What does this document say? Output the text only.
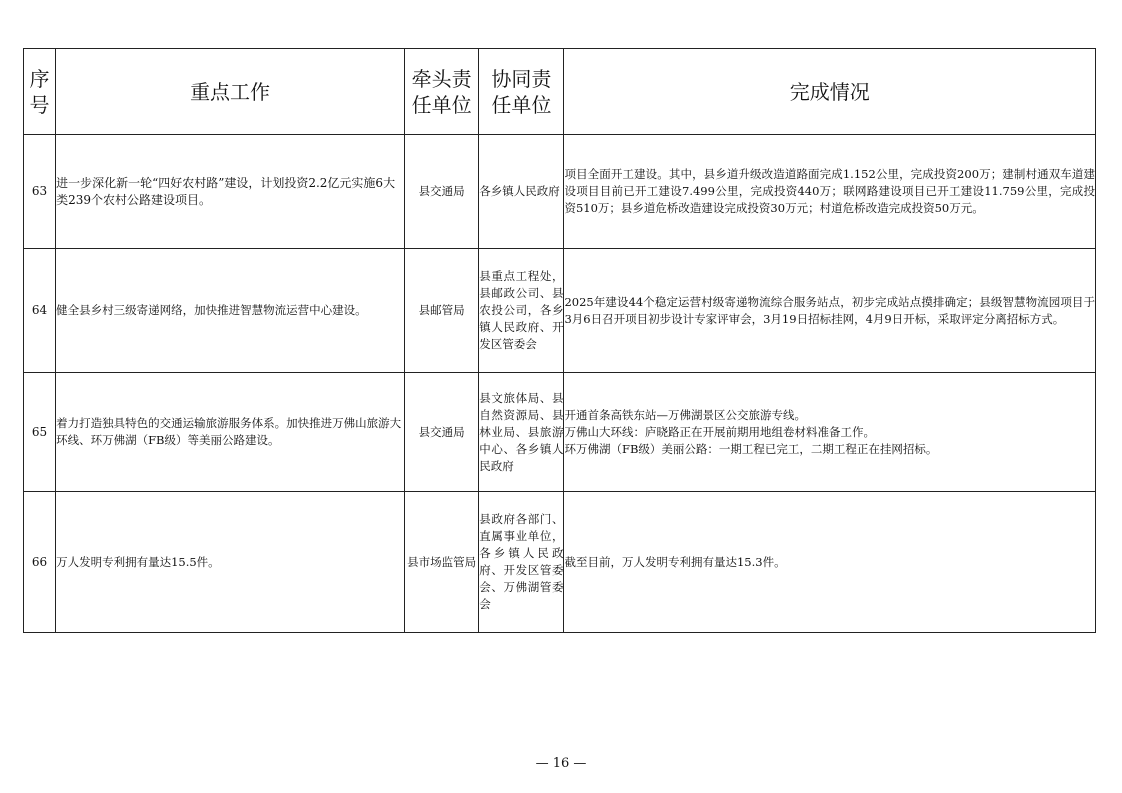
序号	重点工作	牵头责任单位	协同责任单位	完成情况
63	进一步深化新一轮“四好农村路”建设，计划投资2.2亿元实施6大类239个农村公路建设项目。	县交通局	各乡镇人民政府	项目全面开工建设。其中，县乡道升级改造道路面完成1.152公里，完成投资200万；建制村通双车道建设项目目前已开工建设7.499公里，完成投资440万；联网路建设项目已开工建设11.759公里，完成投资510万；县乡道危桥改造建设完成投资30万元；村道危桥改造完成投资50万元。
64	健全县乡村三级寄递网络，加快推进智慧物流运营中心建设。	县邮管局	县重点工程处，县邮政公司、县农投公司，各乡镇人民政府、开发区管委会	2025年建设44个稳定运营村级寄递物流综合服务站点，初步完成站点摸排确定；县级智慧物流园项目于3月6日召开项目初步设计专家评审会，3月19日招标挂网，4月9日开标，采取评定分离招标方式。
65	着力打造独具特色的交通运输旅游服务体系。加快推进万佛山旅游大环线、环万佛湖（FB级）等美丽公路建设。	县交通局	县文旅体局、县自然资源局、县林业局、县旅游中心、各乡镇人民政府	开通首条高铁东站—万佛湖景区公交旅游专线。
万佛山大环线：庐晓路正在开展前期用地组卷材料准备工作。
环万佛湖（FB级）美丽公路：一期工程已完工，二期工程正在挂网招标。

66	万人发明专利拥有量达15.5件。	县市场监管局	县政府各部门、直属事业单位，各乡镇人民政府、开发区管委会、万佛湖管委会	截至目前，万人发明专利拥有量达15.3件。
— 16 —
